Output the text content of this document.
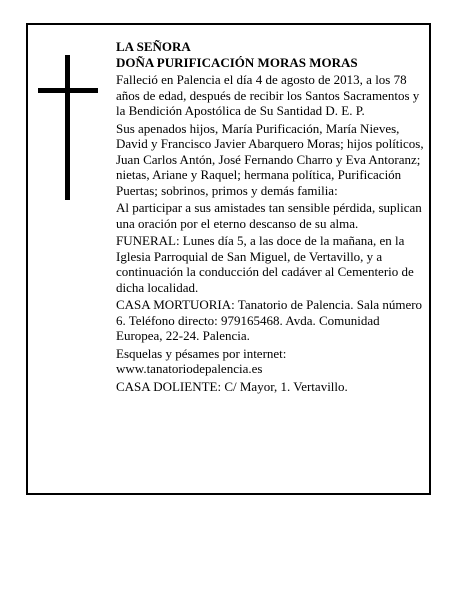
LA SEÑORA

DOÑA PURIFICACIÓN MORAS MORAS

Falleció en Palencia el día 4 de agosto de 2013, a los 78 años de edad, después de recibir los Santos Sacramentos y la Bendición Apostólica de Su Santidad D. E. P.

Sus apenados hijos, María Purificación, María Nieves, David y Francisco Javier Abarquero Moras; hijos políticos, Juan Carlos Antón, José Fernando Charro y Eva Antoranz; nietas, Ariane y Raquel; hermana política, Purificación Puertas; sobrinos, primos y demás familia:

Al participar a sus amistades tan sensible pérdida, suplican una oración por el eterno descanso de su alma.

FUNERAL: Lunes día 5, a las doce de la mañana, en la Iglesia Parroquial de San Miguel, de Vertavillo, y a continuación la conducción del cadáver al Cementerio de dicha localidad.

CASA MORTUORIA: Tanatorio de Palencia. Sala número 6. Teléfono directo: 979165468. Avda. Comunidad Europea, 22-24. Palencia.

Esquelas y pésames por internet: www.tanatoriodepalencia.es

CASA DOLIENTE: C/ Mayor, 1. Vertavillo.
